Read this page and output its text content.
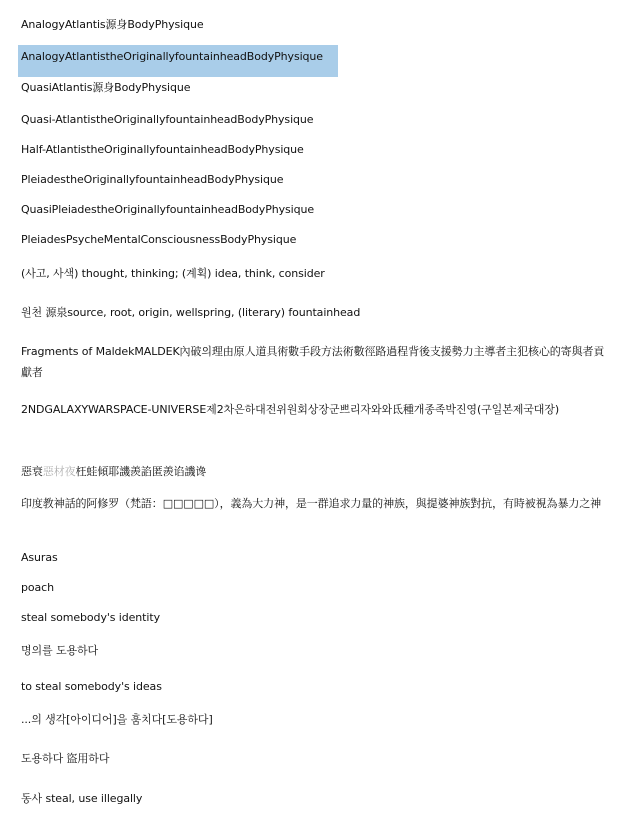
AnalogyAtlantis源身BodyPhysique
AnalogyAtlantistheOriginallyfountainheadBodyPhysique
QuasiAtlantis源身BodyPhysique
Quasi-AtlantistheOriginallyfountainheadBodyPhysique
Half-AtlantistheOriginallyfountainheadBodyPhysique
PleiadestheOriginallyfountainheadBodyPhysique
QuasiPleiadestheOriginallyfountainheadBodyPhysique
PleiadesPsycheMentalConsciousnessBodyPhysique
(사고, 사색) thought, thinking; (계획) idea, think, consider
원천 源泉source, root, origin, wellspring, (literary) fountainhead
Fragments of MaldekMALDEK內破의理由原人道具術數手段方法術數徑路過程背後支援勢力主導者主犯核心的寄與者貢獻者
2NDGALAXYWARSPACE-UNIVERSE제2차은하대전위원회상장군쁘리자와와氐種개종족박진영(구일본제국대장)
惡衰惡材夜枉蛙傾耶譏羨諂匿羨谄譏谗
印度教神話的阿修罗（梵語：□□□□□），義為大力神，是一群追求力量的神族，與提婆神族對抗，有時被視為暴力之神
Asuras
poach
steal somebody's identity
명의를 도용하다
to steal somebody's ideas
...의 생각[아이디어]을 훔치다[도용하다]
도용하다 盜用하다
동사 steal, use illegally
